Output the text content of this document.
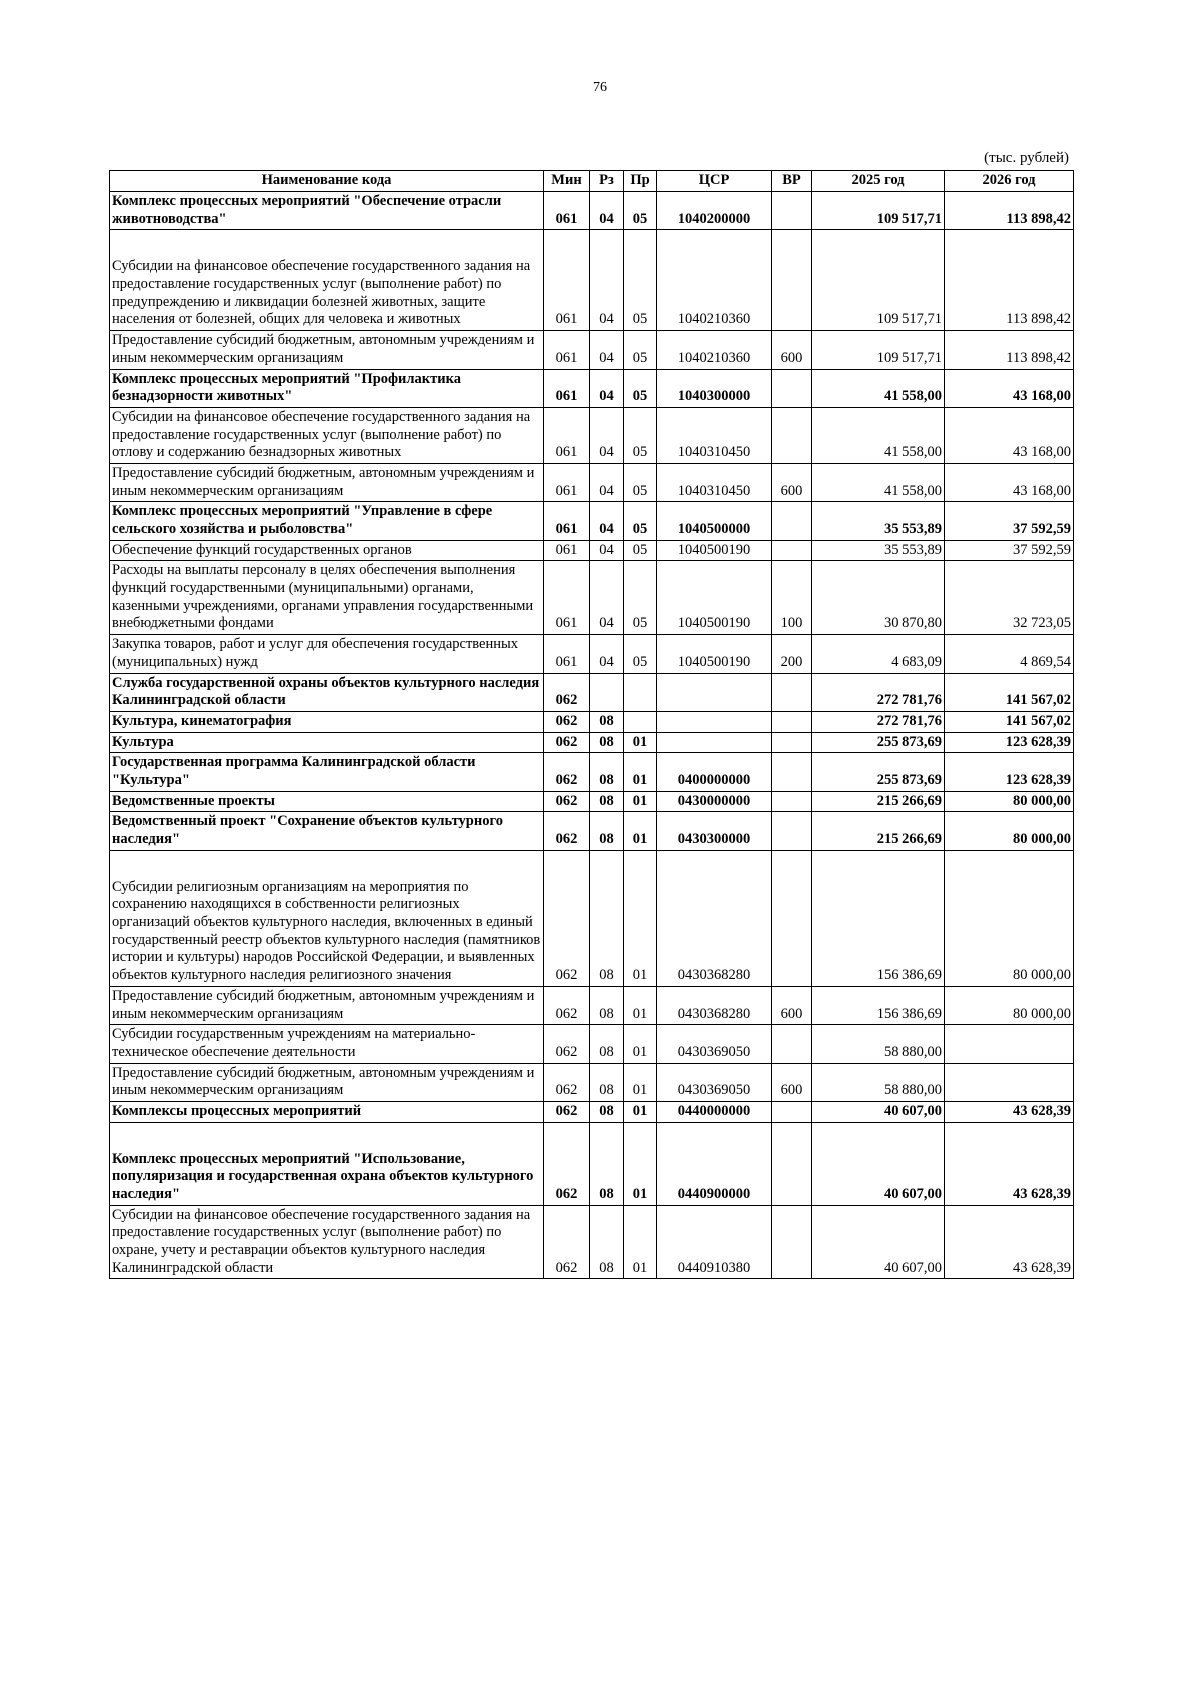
76
(тыс. рублей)
Наименование кода	Мин	Рз	Пр	ЦСР	ВР	2025 год	2026 год
Комплекс процессных мероприятий "Обеспечение отрасли животноводства"	061	04	05	1040200000		109 517,71	113 898,42
Субсидии на финансовое обеспечение государственного задания на предоставление государственных услуг (выполнение работ) по предупреждению и ликвидации болезней животных, защите населения от болезней, общих для человека и животных	061	04	05	1040210360		109 517,71	113 898,42
Предоставление субсидий бюджетным, автономным учреждениям и иным некоммерческим организациям	061	04	05	1040210360	600	109 517,71	113 898,42
Комплекс процессных мероприятий "Профилактика безнадзорности животных"	061	04	05	1040300000		41 558,00	43 168,00
Субсидии на финансовое обеспечение государственного задания на предоставление государственных услуг (выполнение работ) по отлову и содержанию безнадзорных животных	061	04	05	1040310450		41 558,00	43 168,00
Предоставление субсидий бюджетным, автономным учреждениям и иным некоммерческим организациям	061	04	05	1040310450	600	41 558,00	43 168,00
Комплекс процессных мероприятий "Управление в сфере сельского хозяйства и рыболовства"	061	04	05	1040500000		35 553,89	37 592,59
Обеспечение функций государственных органов	061	04	05	1040500190		35 553,89	37 592,59
Расходы на выплаты персоналу в целях обеспечения выполнения функций государственными (муниципальными) органами, казенными учреждениями, органами управления государственными внебюджетными фондами	061	04	05	1040500190	100	30 870,80	32 723,05
Закупка товаров, работ и услуг для обеспечения государственных (муниципальных) нужд	061	04	05	1040500190	200	4 683,09	4 869,54
Служба государственной охраны объектов культурного наследия Калининградской области	062					272 781,76	141 567,02
Культура, кинематография	062	08				272 781,76	141 567,02
Культура	062	08	01			255 873,69	123 628,39
Государственная программа Калининградской области "Культура"	062	08	01	0400000000		255 873,69	123 628,39
Ведомственные проекты	062	08	01	0430000000		215 266,69	80 000,00
Ведомственный проект "Сохранение объектов культурного наследия"	062	08	01	0430300000		215 266,69	80 000,00
Субсидии религиозным организациям на мероприятия по сохранению находящихся в собственности религиозных организаций объектов культурного наследия, включенных в единый государственный реестр объектов культурного наследия (памятников истории и культуры) народов Российской Федерации, и выявленных объектов культурного наследия религиозного значения	062	08	01	0430368280		156 386,69	80 000,00
Предоставление субсидий бюджетным, автономным учреждениям и иным некоммерческим организациям	062	08	01	0430368280	600	156 386,69	80 000,00
Субсидии государственным учреждениям на материально-техническое обеспечение деятельности	062	08	01	0430369050		58 880,00	
Предоставление субсидий бюджетным, автономным учреждениям и иным некоммерческим организациям	062	08	01	0430369050	600	58 880,00	
Комплексы процессных мероприятий	062	08	01	0440000000		40 607,00	43 628,39
Комплекс процессных мероприятий "Использование, популяризация и государственная охрана объектов культурного наследия"	062	08	01	0440900000		40 607,00	43 628,39
Субсидии на финансовое обеспечение государственного задания на предоставление государственных услуг (выполнение работ) по охране, учету и реставрации объектов культурного наследия Калининградской области	062	08	01	0440910380		40 607,00	43 628,39
